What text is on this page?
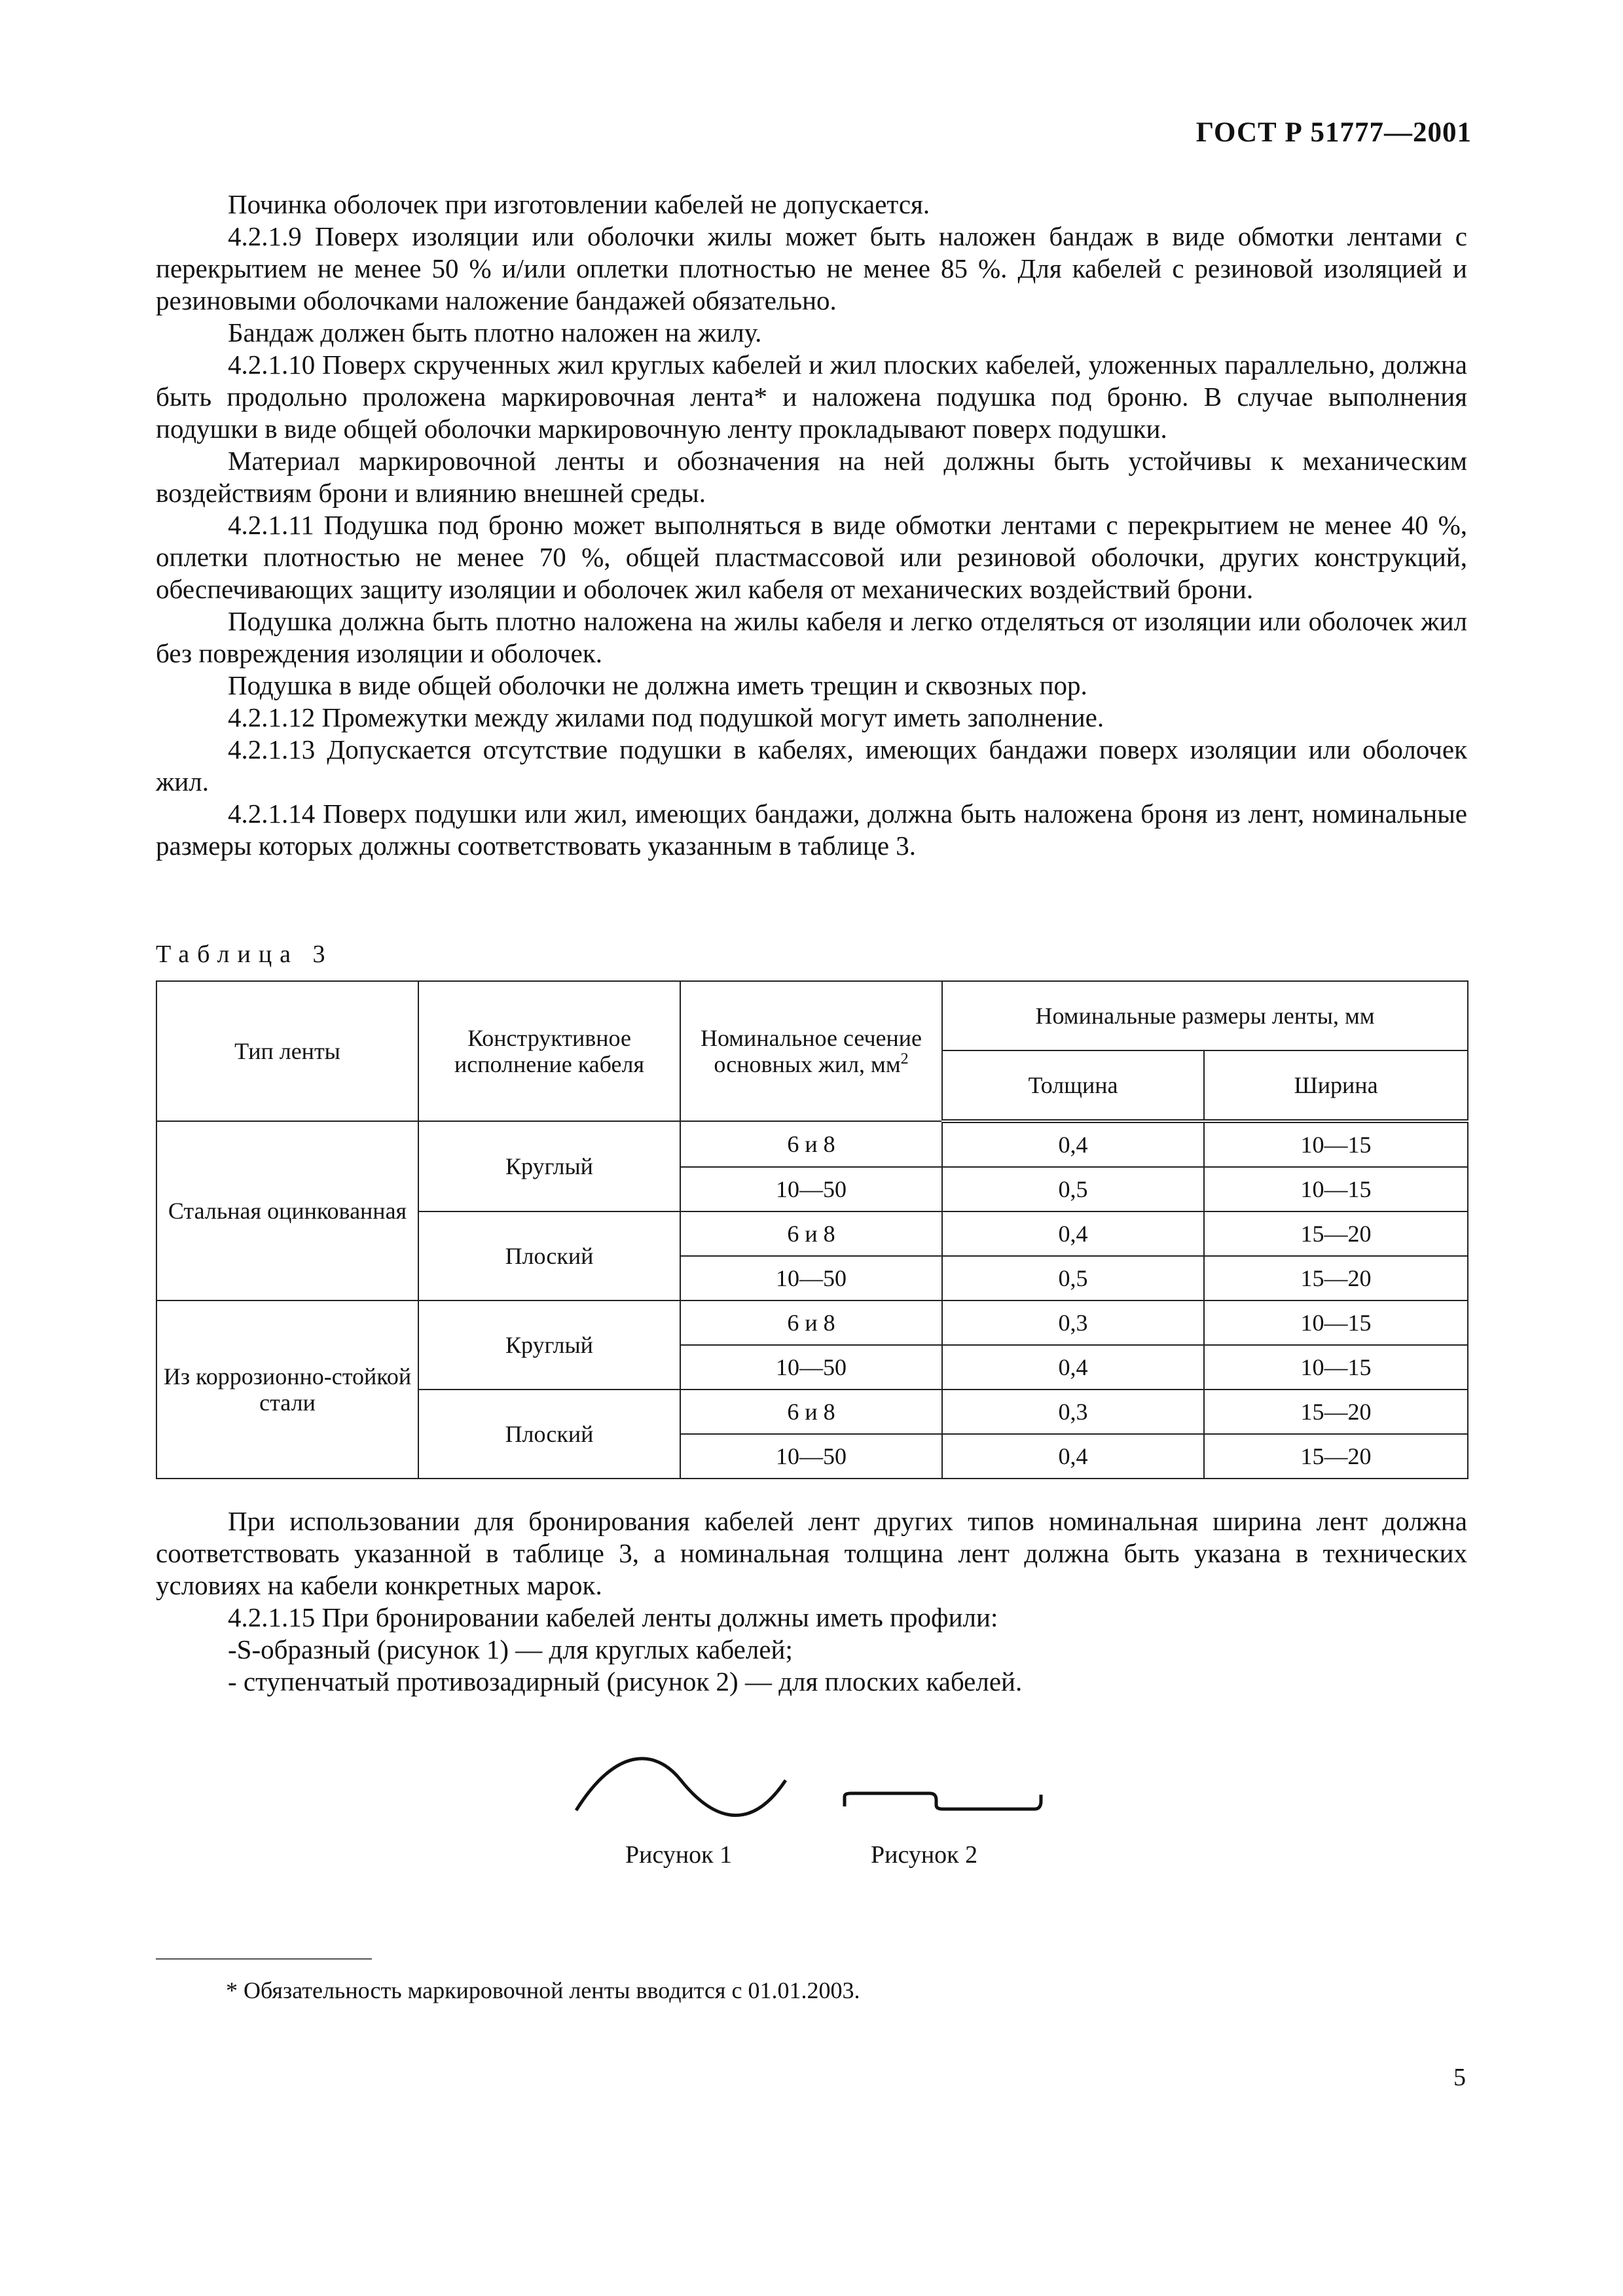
ГОСТ Р 51777—2001

Починка оболочек при изготовлении кабелей не допускается.

4.2.1.9 Поверх изоляции или оболочки жилы может быть наложен бандаж в виде обмотки лентами с перекрытием не менее 50 % и/или оплетки плотностью не менее 85 %. Для кабелей с резиновой изоляцией и резиновыми оболочками наложение бандажей обязательно.

Бандаж должен быть плотно наложен на жилу.

4.2.1.10 Поверх скрученных жил круглых кабелей и жил плоских кабелей, уложенных параллельно, должна быть продольно проложена маркировочная лента* и наложена подушка под броню. В случае выполнения подушки в виде общей оболочки маркировочную ленту прокладывают поверх подушки.

Материал маркировочной ленты и обозначения на ней должны быть устойчивы к механическим воздействиям брони и влиянию внешней среды.

4.2.1.11 Подушка под броню может выполняться в виде обмотки лентами с перекрытием не менее 40 %, оплетки плотностью не менее 70 %, общей пластмассовой или резиновой оболочки, других конструкций, обеспечивающих защиту изоляции и оболочек жил кабеля от механических воздействий брони.

Подушка должна быть плотно наложена на жилы кабеля и легко отделяться от изоляции или оболочек жил без повреждения изоляции и оболочек.

Подушка в виде общей оболочки не должна иметь трещин и сквозных пор.

4.2.1.12 Промежутки между жилами под подушкой могут иметь заполнение.

4.2.1.13 Допускается отсутствие подушки в кабелях, имеющих бандажи поверх изоляции или оболочек жил.

4.2.1.14 Поверх подушки или жил, имеющих бандажи, должна быть наложена броня из лент, номинальные размеры которых должны соответствовать указанным в таблице 3.

Таблица 3
Тип ленты	Конструктивное исполнение кабеля	Номинальное сечение основных жил, $мм^2$	Номинальные размеры ленты, мм	
			Толщина	Ширина
Стальная оцинкованная	Круглый	6 и 8	0,4	10—15
		10—50	0,5	10—15
	Плоский	6 и 8	0,4	15—20
		10—50	0,5	15—20
Из коррозионно-стойкой стали	Круглый	6 и 8	0,3	10—15
		10—50	0,4	10—15
	Плоский	6 и 8	0,3	15—20
		10—50	0,4	15—20

При использовании для бронирования кабелей лент других типов номинальная ширина лент должна соответствовать указанной в таблице 3, а номинальная толщина лент должна быть указана в технических условиях на кабели конкретных марок.

4.2.1.15 При бронировании кабелей ленты должны иметь профили:

-S-образный (рисунок 1) — для круглых кабелей;

- ступенчатый противозадирный (рисунок 2) — для плоских кабелей.

Рисунок 1	Рисунок 2
* Обязательность маркировочной ленты вводится с 01.01.2003.
5
